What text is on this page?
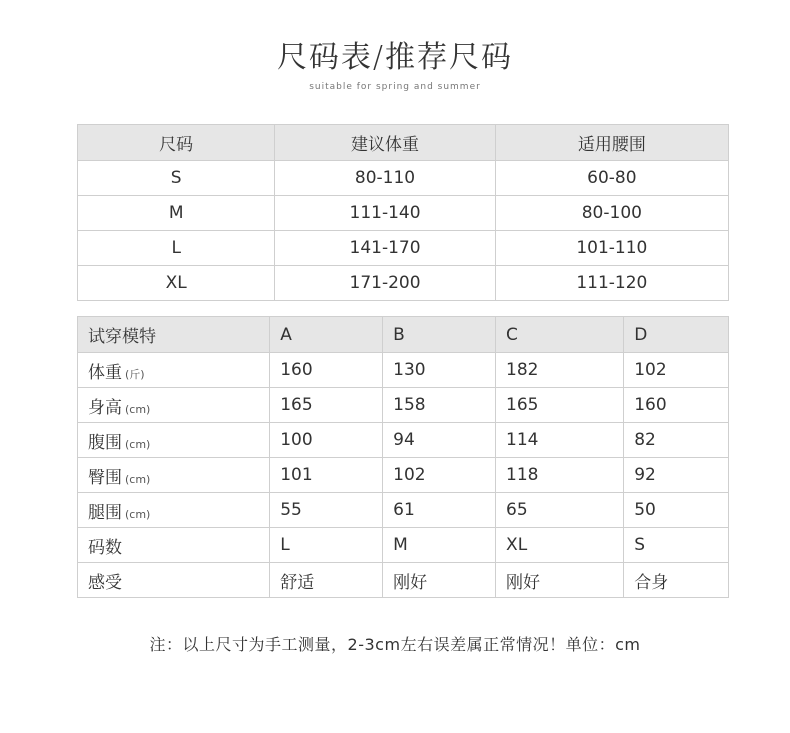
尺码表/推荐尺码
suitable for spring and summer
尺码	建议体重	适用腰围
S	80-110	60-80
M	111-140	80-100
L	141-170	101-110
XL	171-200	111-120
试穿模特	A	B	C	D
体重 (斤)	160	130	182	102
身高 (cm)	165	158	165	160
腹围 (cm)	100	94	114	82
臀围 (cm)	101	102	118	92
腿围 (cm)	55	61	65	50
码数	L	M	XL	S
感受	舒适	刚好	刚好	合身
注：以上尺寸为手工测量，2-3cm左右误差属正常情况！单位：cm
